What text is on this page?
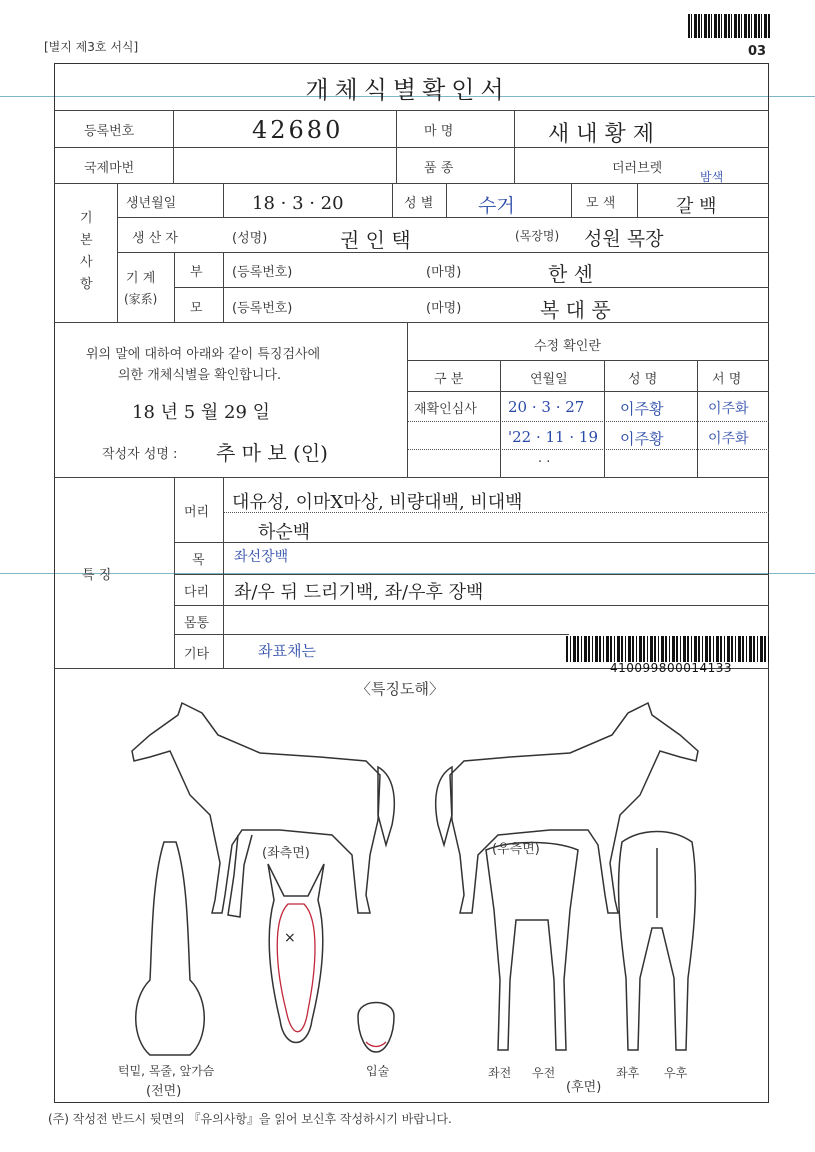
[별지 제3호 서식]	03
개체식별확인서
등록번호	42680	마 명	새 내 황 제
국제마번	품 종	더러브렛
기
본
사
항
생년월일	18 · 3 · 20	성 별 수거	모 색	갈 백
밤색
생 산 자	(성명)	권 인 택	(목장명) 성원 목장
기 계
(家系)
부 (등록번호)	(마명)	한 센
모 (등록번호)	(마명)	복 대 풍
위의 말에 대하여 아래와 같이 특징검사에
의한 개체식별을 확인합니다.
18 년 5 월 29 일
작성자 성명 : 추 마 보 (인)
수정 확인란
구 분	연월일	성 명	서 명
재확인심사 20 · 3 · 27 이주황	이주화
'22 · 11 · 19 이주황	이주화
· ·
특 징
머리 대유성, 이마X마상, 비량대백, 비대백
하순백
목 좌선장백
다리 좌/우 뒤 드리기백, 좌/우후 장백
몸통
기타	좌표채는
410099800014133
〈특징도해〉
(좌측면)	(우측면)
×
턱밑, 목줄, 앞가슴
(전면)
입술	좌전 우전	좌후 우후
(후면)
(주) 작성전 반드시 뒷면의 『유의사항』을 읽어 보신후 작성하시기 바랍니다.
